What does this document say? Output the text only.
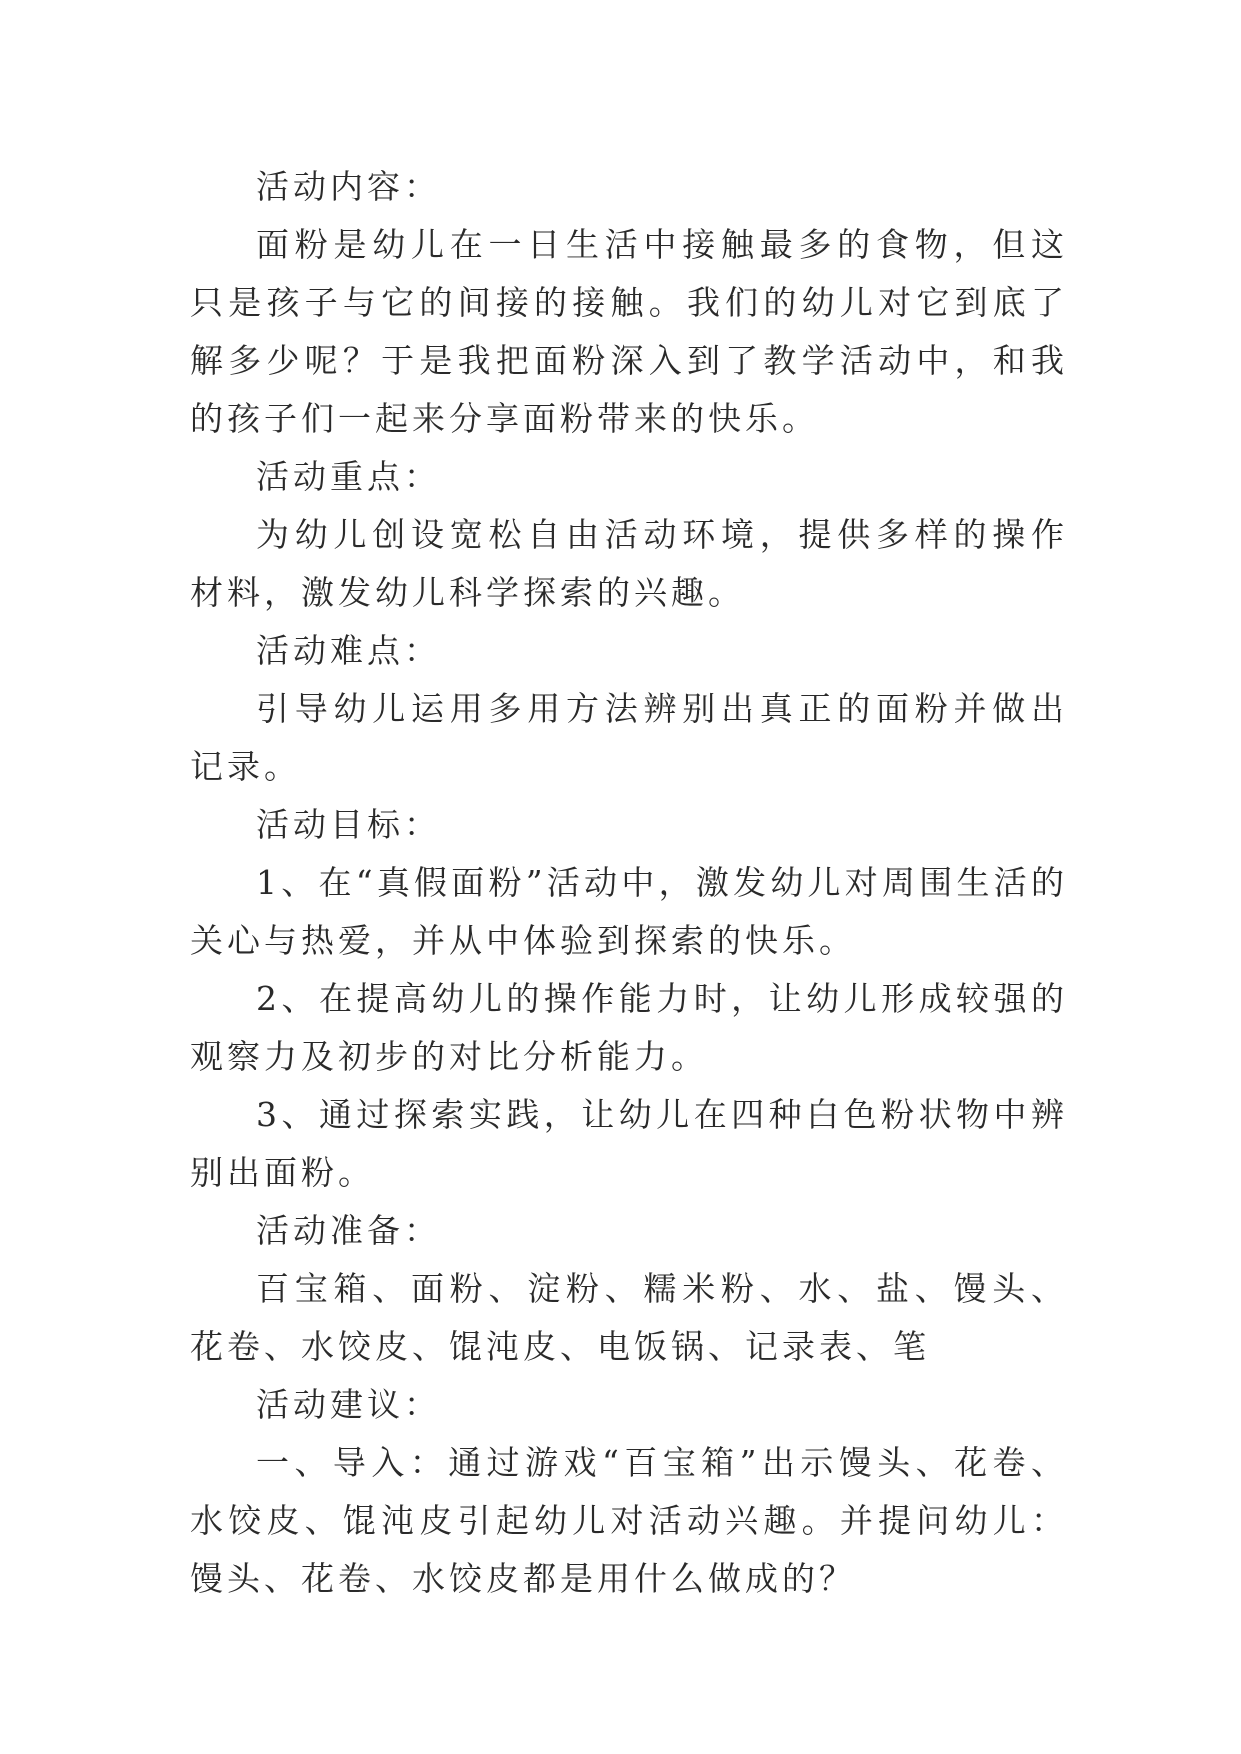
活动内容：

面粉是幼儿在一日生活中接触最多的食物，但这只是孩子与它的间接的接触。我们的幼儿对它到底了解多少呢？于是我把面粉深入到了教学活动中，和我的孩子们一起来分享面粉带来的快乐。

活动重点：

为幼儿创设宽松自由活动环境，提供多样的操作材料，激发幼儿科学探索的兴趣。

活动难点：

引导幼儿运用多用方法辨别出真正的面粉并做出记录。

活动目标：

1、在“真假面粉”活动中，激发幼儿对周围生活的关心与热爱，并从中体验到探索的快乐。

2、在提高幼儿的操作能力时，让幼儿形成较强的观察力及初步的对比分析能力。

3、通过探索实践，让幼儿在四种白色粉状物中辨别出面粉。

活动准备：

百宝箱、面粉、淀粉、糯米粉、水、盐、馒头、花卷、水饺皮、馄沌皮、电饭锅、记录表、笔

活动建议：

一、导入：通过游戏“百宝箱”出示馒头、花卷、水饺皮、馄沌皮引起幼儿对活动兴趣。并提问幼儿：馒头、花卷、水饺皮都是用什么做成的？
